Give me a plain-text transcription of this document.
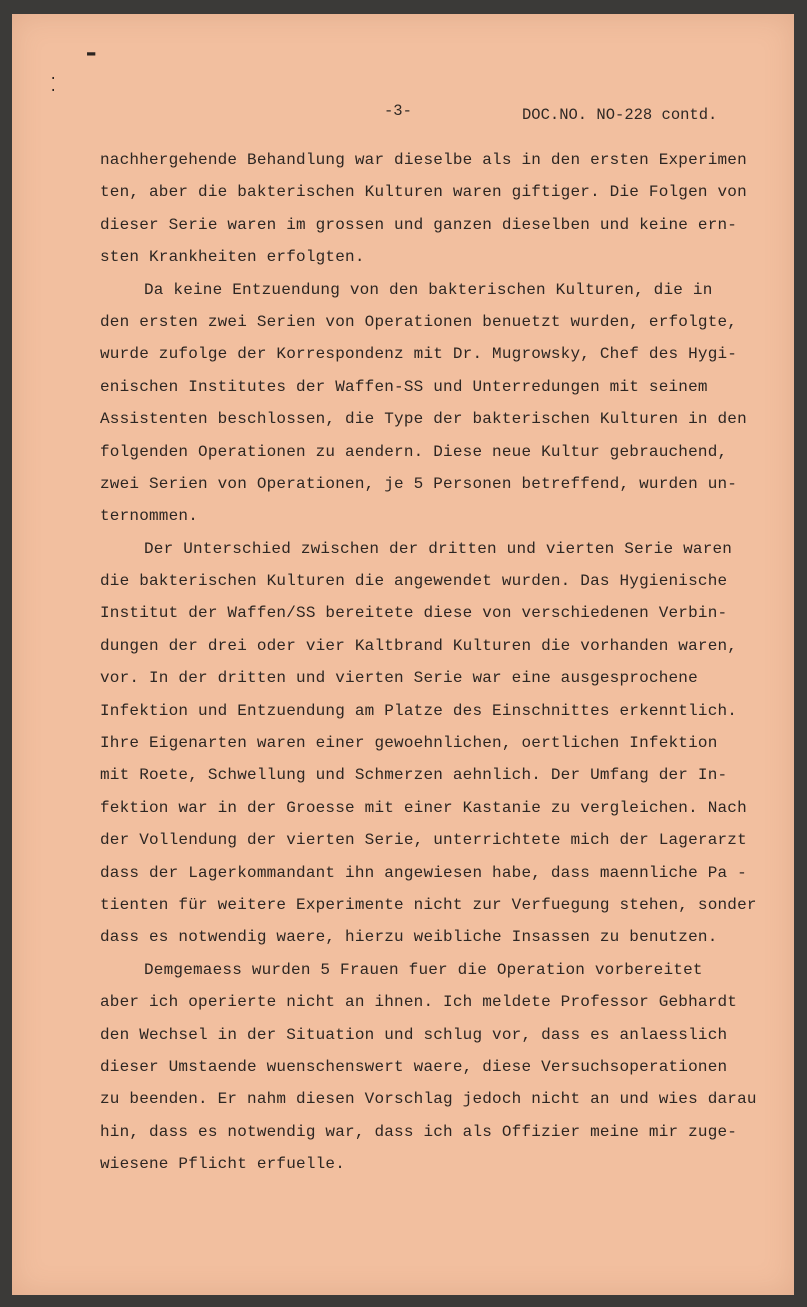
▬
·
·
-3-	DOC.NO. NO-228 contd.
nachhergehende Behandlung war dieselbe als in den ersten Experimen
ten, aber die bakterischen Kulturen waren giftiger. Die Folgen von
dieser Serie waren im grossen und ganzen dieselben und keine ern-
sten Krankheiten erfolgten.
Da keine Entzuendung von den bakterischen Kulturen, die in
den ersten zwei Serien von Operationen benuetzt wurden, erfolgte,
wurde zufolge der Korrespondenz mit Dr. Mugrowsky, Chef des Hygi-
enischen Institutes der Waffen-SS und Unterredungen mit seinem
Assistenten beschlossen, die Type der bakterischen Kulturen in den
folgenden Operationen zu aendern. Diese neue Kultur gebrauchend,
zwei Serien von Operationen, je 5 Personen betreffend, wurden un-
ternommen.
Der Unterschied zwischen der dritten und vierten Serie waren
die bakterischen Kulturen die angewendet wurden. Das Hygienische
Institut der Waffen/SS bereitete diese von verschiedenen Verbin-
dungen der drei oder vier Kaltbrand Kulturen die vorhanden waren,
vor. In der dritten und vierten Serie war eine ausgesprochene
Infektion und Entzuendung am Platze des Einschnittes erkenntlich.
Ihre Eigenarten waren einer gewoehnlichen, oertlichen Infektion
mit Roete, Schwellung und Schmerzen aehnlich. Der Umfang der In-
fektion war in der Groesse mit einer Kastanie zu vergleichen. Nach
der Vollendung der vierten Serie, unterrichtete mich der Lagerarzt
dass der Lagerkommandant ihn angewiesen habe, dass maennliche Pa -
tienten für weitere Experimente nicht zur Verfuegung stehen, sonder
dass es notwendig waere, hierzu weibliche Insassen zu benutzen.
Demgemaess wurden 5 Frauen fuer die Operation vorbereitet
aber ich operierte nicht an ihnen. Ich meldete Professor Gebhardt
den Wechsel in der Situation und schlug vor, dass es anlaesslich
dieser Umstaende wuenschenswert waere, diese Versuchsoperationen
zu beenden. Er nahm diesen Vorschlag jedoch nicht an und wies darau
hin, dass es notwendig war, dass ich als Offizier meine mir zuge-
wiesene Pflicht erfuelle.
